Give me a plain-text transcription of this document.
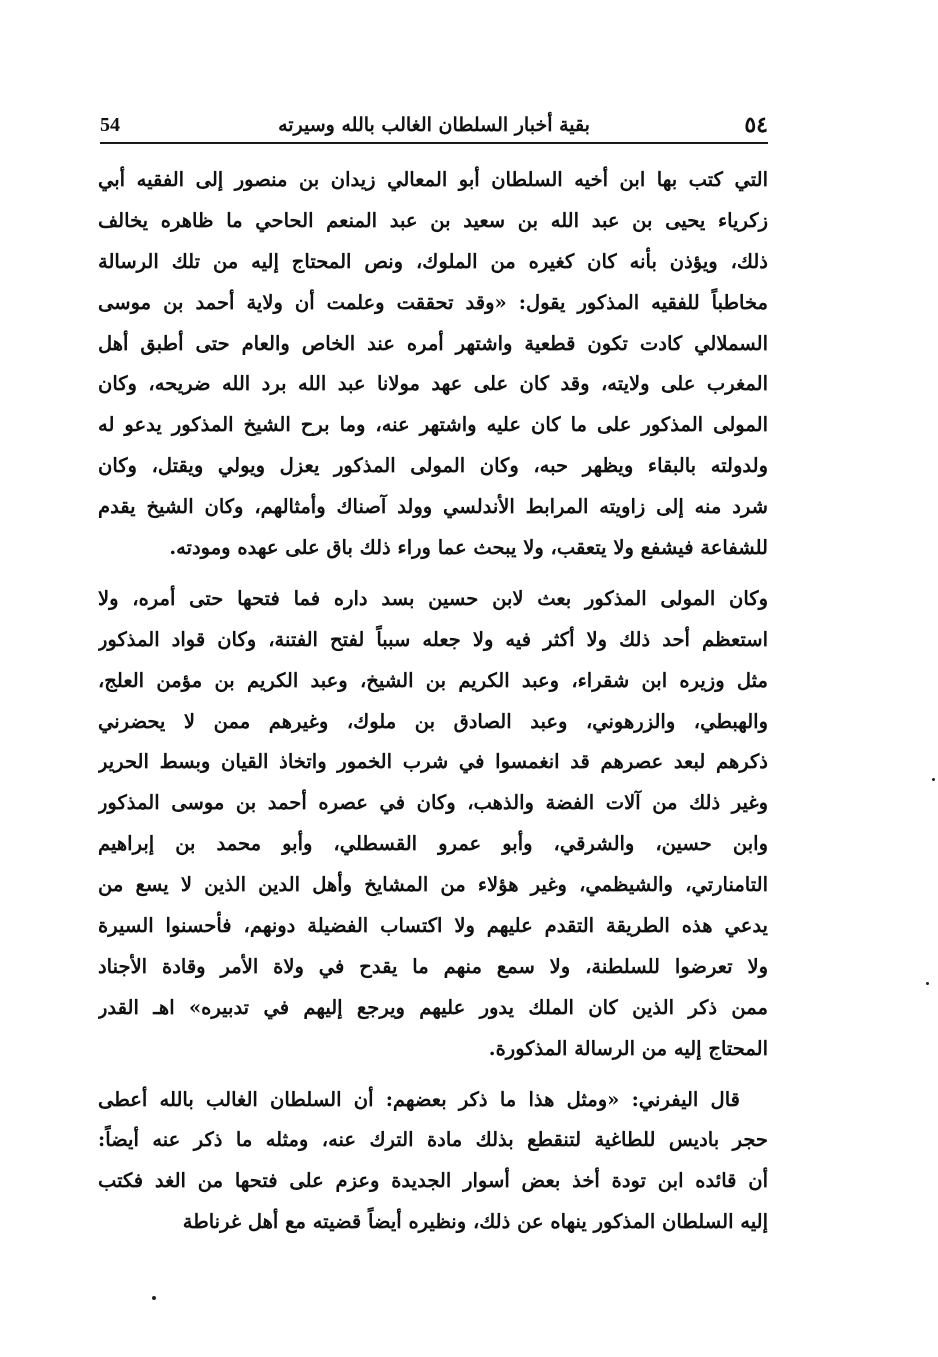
54	بقية أخبار السلطان الغالب بالله وسيرته	٥٤
التي كتب بها ابن أخيه السلطان أبو المعالي زيدان بن منصور إلى الفقيه أبي
زكرياء يحيى بن عبد الله بن سعيد بن عبد المنعم الحاحي ما ظاهره يخالف
ذلك، ويؤذن بأنه كان كغيره من الملوك، ونص المحتاج إليه من تلك الرسالة
مخاطباً للفقيه المذكور يقول: «وقد تحققت وعلمت أن ولاية أحمد بن موسى
السملالي كادت تكون قطعية واشتهر أمره عند الخاص والعام حتى أطبق أهل
المغرب على ولايته، وقد كان على عهد مولانا عبد الله برد الله ضريحه، وكان
المولى المذكور على ما كان عليه واشتهر عنه، وما برح الشيخ المذكور يدعو له
ولدولته بالبقاء ويظهر حبه، وكان المولى المذكور يعزل ويولي ويقتل، وكان
شرد منه إلى زاويته المرابط الأندلسي وولد آصناك وأمثالهم، وكان الشيخ يقدم
للشفاعة فيشفع ولا يتعقب، ولا يبحث عما وراء ذلك باق على عهده ومودته.
وكان المولى المذكور بعث لابن حسين بسد داره فما فتحها حتى أمره، ولا
استعظم أحد ذلك ولا أكثر فيه ولا جعله سبباً لفتح الفتنة، وكان قواد المذكور
مثل وزيره ابن شقراء، وعبد الكريم بن الشيخ، وعبد الكريم بن مؤمن العلج،
والهبطي، والزرهوني، وعبد الصادق بن ملوك، وغيرهم ممن لا يحضرني
ذكرهم لبعد عصرهم قد انغمسوا في شرب الخمور واتخاذ القيان وبسط الحرير
وغير ذلك من آلات الفضة والذهب، وكان في عصره أحمد بن موسى المذكور
وابن حسين، والشرقي، وأبو عمرو القسطلي، وأبو محمد بن إبراهيم
التامنارتي، والشيظمي، وغير هؤلاء من المشايخ وأهل الدين الذين لا يسع من
يدعي هذه الطريقة التقدم عليهم ولا اكتساب الفضيلة دونهم، فأحسنوا السيرة
ولا تعرضوا للسلطنة، ولا سمع منهم ما يقدح في ولاة الأمر وقادة الأجناد
ممن ذكر الذين كان الملك يدور عليهم ويرجع إليهم في تدبيره» اهـ القدر
المحتاج إليه من الرسالة المذكورة.
قال اليفرني: «ومثل هذا ما ذكر بعضهم: أن السلطان الغالب بالله أعطى
حجر باديس للطاغية لتنقطع بذلك مادة الترك عنه، ومثله ما ذكر عنه أيضاً:
أن قائده ابن تودة أخذ بعض أسوار الجديدة وعزم على فتحها من الغد فكتب
إليه السلطان المذكور ينهاه عن ذلك، ونظيره أيضاً قضيته مع أهل غرناطة
